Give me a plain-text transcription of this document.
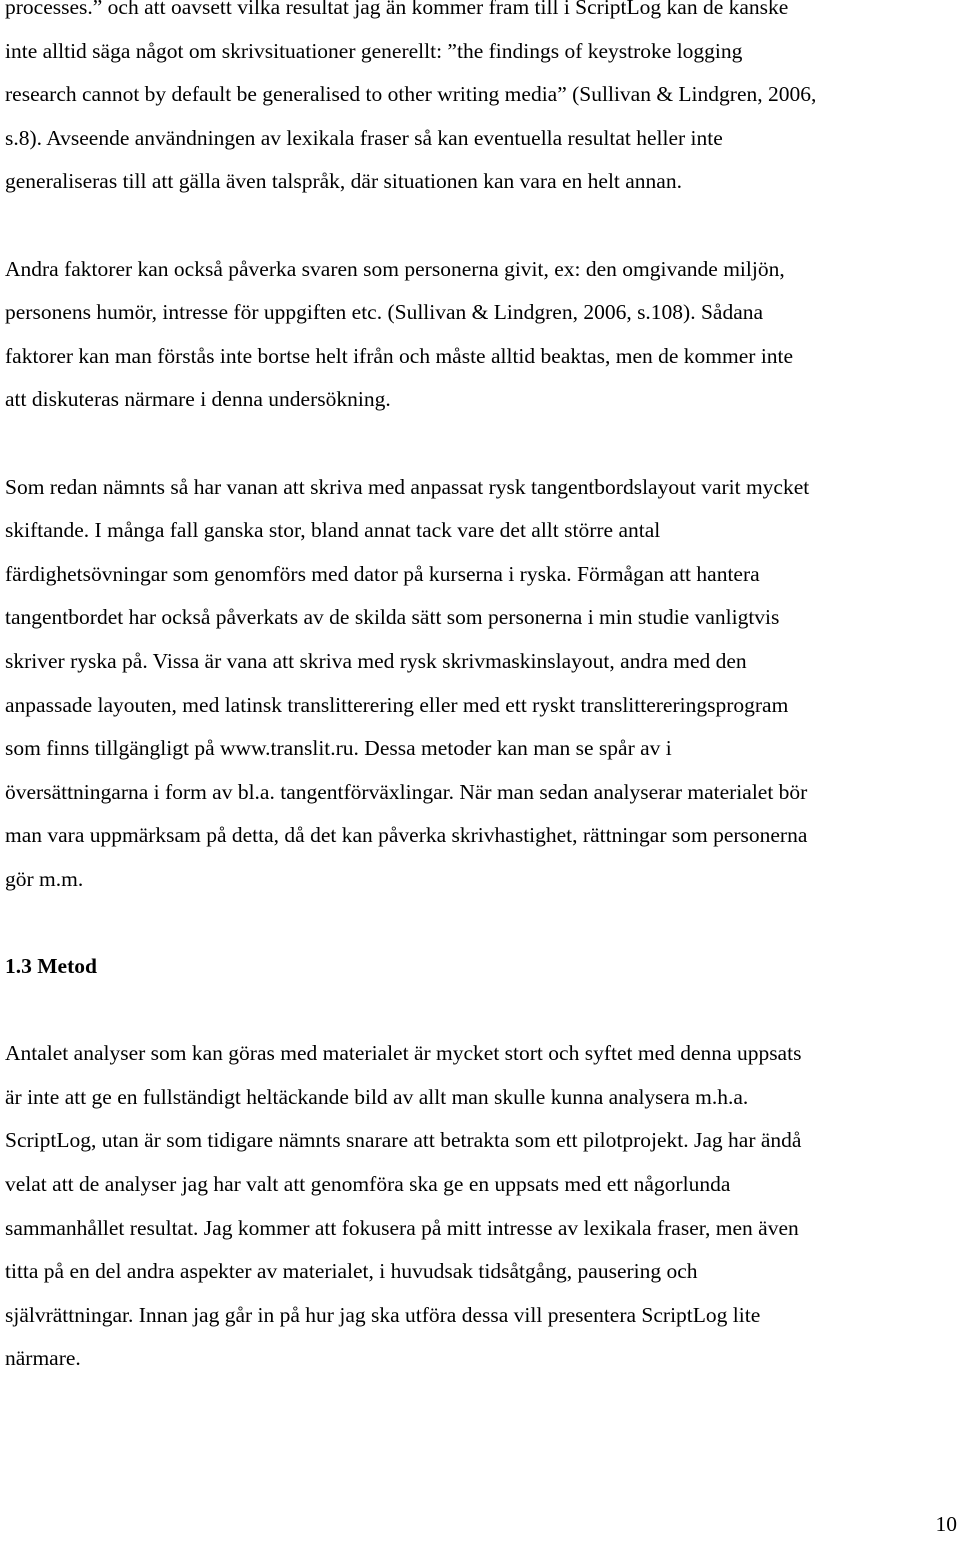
processes.” och att oavsett vilka resultat jag än kommer fram till i ScriptLog kan de kanske
inte alltid säga något om skrivsituationer generellt: ”the findings of keystroke logging
research cannot by default be generalised to other writing media” (Sullivan & Lindgren, 2006,
s.8). Avseende användningen av lexikala fraser så kan eventuella resultat heller inte
generaliseras till att gälla även talspråk, där situationen kan vara en helt annan.

Andra faktorer kan också påverka svaren som personerna givit, ex: den omgivande miljön,
personens humör, intresse för uppgiften etc. (Sullivan & Lindgren, 2006, s.108). Sådana
faktorer kan man förstås inte bortse helt ifrån och måste alltid beaktas, men de kommer inte
att diskuteras närmare i denna undersökning.

Som redan nämnts så har vanan att skriva med anpassat rysk tangentbordslayout varit mycket
skiftande. I många fall ganska stor, bland annat tack vare det allt större antal
färdighetsövningar som genomförs med dator på kurserna i ryska. Förmågan att hantera
tangentbordet har också påverkats av de skilda sätt som personerna i min studie vanligtvis
skriver ryska på. Vissa är vana att skriva med rysk skrivmaskinslayout, andra med den
anpassade layouten, med latinsk translitterering eller med ett ryskt translittereringsprogram
som finns tillgängligt på www.translit.ru. Dessa metoder kan man se spår av i
översättningarna i form av bl.a. tangentförväxlingar. När man sedan analyserar materialet bör
man vara uppmärksam på detta, då det kan påverka skrivhastighet, rättningar som personerna
gör m.m.

1.3 Metod

Antalet analyser som kan göras med materialet är mycket stort och syftet med denna uppsats
är inte att ge en fullständigt heltäckande bild av allt man skulle kunna analysera m.h.a.
ScriptLog, utan är som tidigare nämnts snarare att betrakta som ett pilotprojekt. Jag har ändå
velat att de analyser jag har valt att genomföra ska ge en uppsats med ett någorlunda
sammanhållet resultat. Jag kommer att fokusera på mitt intresse av lexikala fraser, men även
titta på en del andra aspekter av materialet, i huvudsak tidsåtgång, pausering och
självrättningar. Innan jag går in på hur jag ska utföra dessa vill presentera ScriptLog lite
närmare.

10
